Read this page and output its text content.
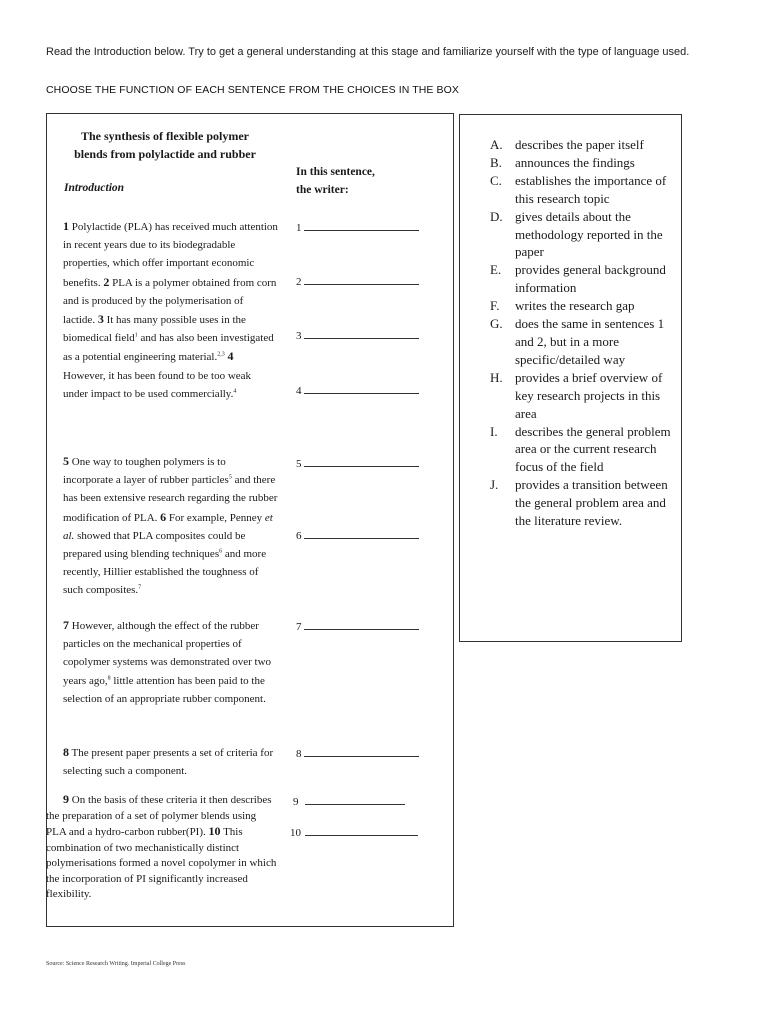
Read the Introduction below. Try to get a general understanding at this stage and familiarize yourself with the type of language used.
CHOOSE THE FUNCTION OF EACH SENTENCE FROM THE CHOICES IN THE BOX
The synthesis of flexible polymer
blends from polylactide and rubber
Introduction
In this sentence,
the writer:
1 Polylactide (PLA) has received much attention in recent years due to its biodegradable properties, which offer important economic benefits. 2 PLA is a polymer obtained from corn and is produced by the polymerisation of lactide. 3 It has many possible uses in the biomedical field$^1$ and has also been investigated as a potential engineering material.$^{2,3}$ 4 However, it has been found to be too weak under impact to be used commercially.$^4$
5 One way to toughen polymers is to incorporate a layer of rubber particles$^5$ and there has been extensive research regarding the rubber modification of PLA. 6 For example, Penney et al. showed that PLA composites could be prepared using blending techniques$^6$ and more recently, Hillier established the toughness of such composites.$^7$
7 However, although the effect of the rubber particles on the mechanical properties of copolymer systems was demonstrated over two years ago,$^8$ little attention has been paid to the selection of an appropriate rubber component.
8 The present paper presents a set of criteria for selecting such a component.
9 On the basis of these criteria it then describes the preparation of a set of polymer blends using PLA and a hydro-carbon rubber(PI). 10 This combination of two mechanistically distinct polymerisations formed a novel copolymer in which the incorporation of PI significantly increased flexibility.
1
2
3
4
5
6
7
8
9
10
A. describes the paper itself
B. announces the findings
C. establishes the importance of this research topic
D. gives details about the methodology reported in the paper
E. provides general background information
F. writes the research gap
G. does the same in sentences 1 and 2, but in a more specific/detailed way
H. provides a brief overview of key research projects in this area
I. describes the general problem area or the current research focus of the field
J. provides a transition between the general problem area and the literature review.
Source: Science Research Writing. Imperial College Press
